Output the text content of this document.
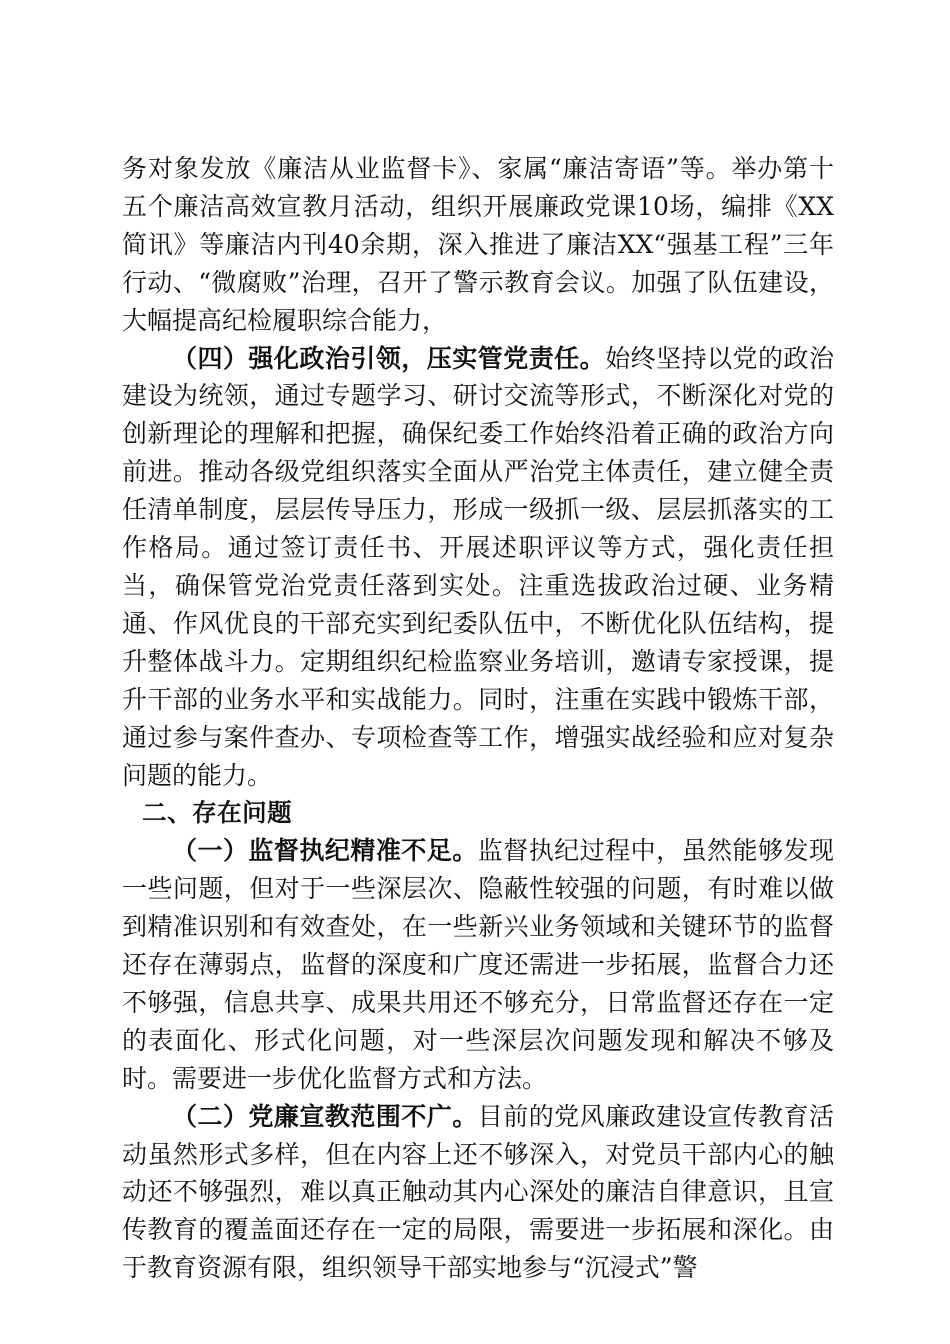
务对象发放《廉洁从业监督卡》、家属“廉洁寄语”等。举办第十五个廉洁高效宣教月活动，组织开展廉政党课10场，编排《XX简讯》等廉洁内刊40余期，深入推进了廉洁XX“强基工程”三年行动、“微腐败”治理，召开了警示教育会议。加强了队伍建设，大幅提高纪检履职综合能力，

（四）强化政治引领，压实管党责任。始终坚持以党的政治建设为统领，通过专题学习、研讨交流等形式，不断深化对党的创新理论的理解和把握，确保纪委工作始终沿着正确的政治方向前进。推动各级党组织落实全面从严治党主体责任，建立健全责任清单制度，层层传导压力，形成一级抓一级、层层抓落实的工作格局。通过签订责任书、开展述职评议等方式，强化责任担当，确保管党治党责任落到实处。注重选拔政治过硬、业务精通、作风优良的干部充实到纪委队伍中，不断优化队伍结构，提升整体战斗力。定期组织纪检监察业务培训，邀请专家授课，提升干部的业务水平和实战能力。同时，注重在实践中锻炼干部，通过参与案件查办、专项检查等工作，增强实战经验和应对复杂问题的能力。

二、存在问题

（一）监督执纪精准不足。监督执纪过程中，虽然能够发现一些问题，但对于一些深层次、隐蔽性较强的问题，有时难以做到精准识别和有效查处，在一些新兴业务领域和关键环节的监督还存在薄弱点，监督的深度和广度还需进一步拓展，监督合力还不够强，信息共享、成果共用还不够充分，日常监督还存在一定的表面化、形式化问题，对一些深层次问题发现和解决不够及时。需要进一步优化监督方式和方法。

（二）党廉宣教范围不广。目前的党风廉政建设宣传教育活动虽然形式多样，但在内容上还不够深入，对党员干部内心的触动还不够强烈，难以真正触动其内心深处的廉洁自律意识，且宣传教育的覆盖面还存在一定的局限，需要进一步拓展和深化。由于教育资源有限，组织领导干部实地参与“沉浸式”警
